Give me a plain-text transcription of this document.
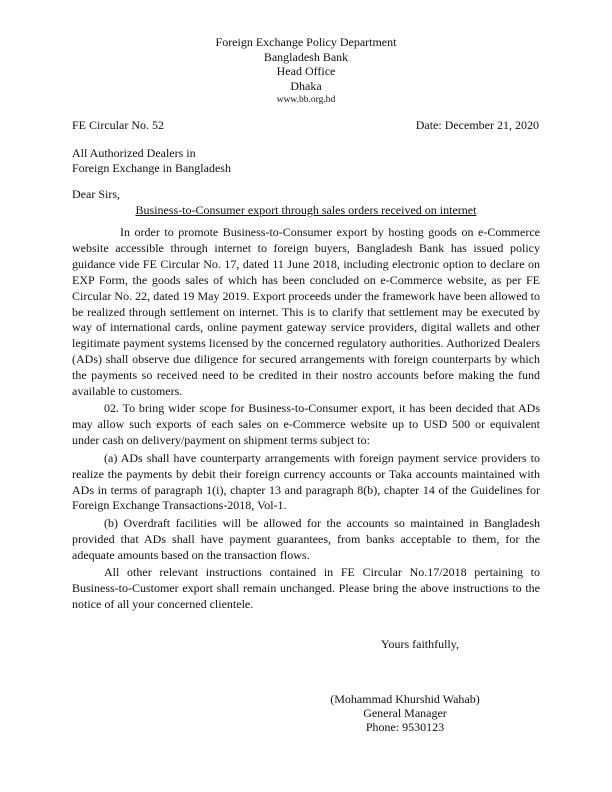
Foreign Exchange Policy Department
Bangladesh Bank
Head Office
Dhaka
www.bb.org.bd
FE Circular No. 52	Date: December 21, 2020
All Authorized Dealers in
Foreign Exchange in Bangladesh
Dear Sirs,
Business-to-Consumer export through sales orders received on internet

In order to promote Business-to-Consumer export by hosting goods on e-Commerce website accessible through internet to foreign buyers, Bangladesh Bank has issued policy guidance vide FE Circular No. 17, dated 11 June 2018, including electronic option to declare on EXP Form, the goods sales of which has been concluded on e-Commerce website, as per FE Circular No. 22, dated 19 May 2019. Export proceeds under the framework have been allowed to be realized through settlement on internet. This is to clarify that settlement may be executed by way of international cards, online payment gateway service providers, digital wallets and other legitimate payment systems licensed by the concerned regulatory authorities. Authorized Dealers (ADs) shall observe due diligence for secured arrangements with foreign counterparts by which the payments so received need to be credited in their nostro accounts before making the fund available to customers.

02. To bring wider scope for Business-to-Consumer export, it has been decided that ADs may allow such exports of each sales on e-Commerce website up to USD 500 or equivalent under cash on delivery/payment on shipment terms subject to:

(a) ADs shall have counterparty arrangements with foreign payment service providers to realize the payments by debit their foreign currency accounts or Taka accounts maintained with ADs in terms of paragraph 1(i), chapter 13 and paragraph 8(b), chapter 14 of the Guidelines for Foreign Exchange Transactions-2018, Vol-1.

(b) Overdraft facilities will be allowed for the accounts so maintained in Bangladesh provided that ADs shall have payment guarantees, from banks acceptable to them, for the adequate amounts based on the transaction flows.

All other relevant instructions contained in FE Circular No.17/2018 pertaining to Business-to-Customer export shall remain unchanged. Please bring the above instructions to the notice of all your concerned clientele.

Yours faithfully,
(Mohammad Khurshid Wahab)
General Manager
Phone: 9530123
